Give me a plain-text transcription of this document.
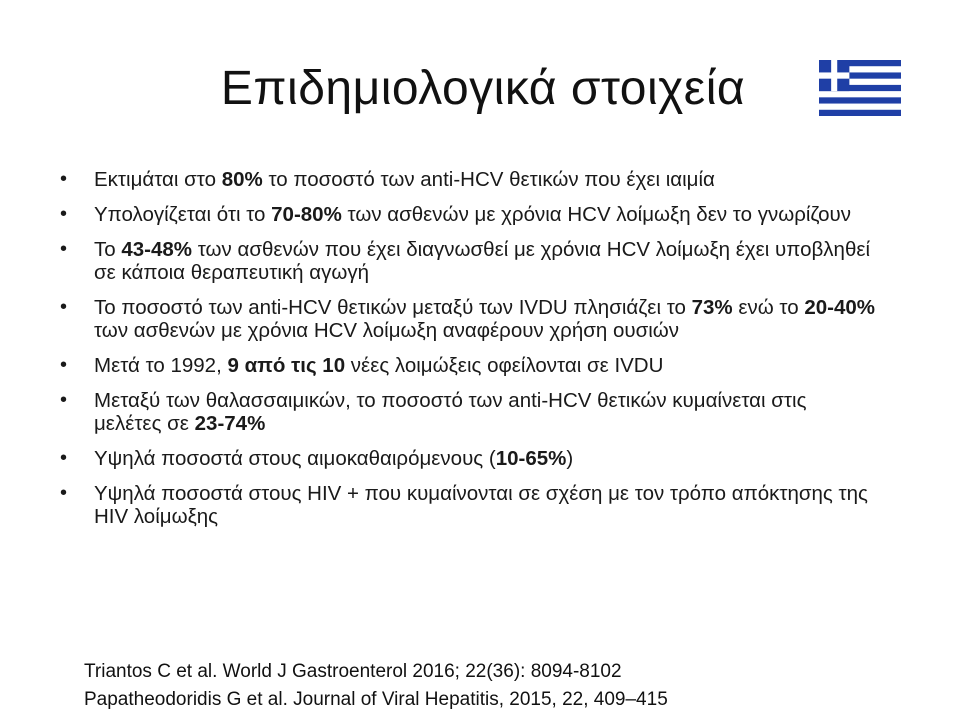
Επιδημιολογικά στοιχεία
• Εκτιμάται στο 80% το ποσοστό των anti-HCV θετικών που έχει ιαιμία
• Υπολογίζεται ότι το 70-80% των ασθενών με χρόνια HCV λοίμωξη δεν το γνωρίζουν
• Το 43-48% των ασθενών που έχει διαγνωσθεί με χρόνια HCV λοίμωξη έχει υποβληθεί σε κάποια θεραπευτική αγωγή
• Το ποσοστό των anti-HCV θετικών μεταξύ των IVDU πλησιάζει το 73% ενώ το 20-40% των ασθενών με χρόνια HCV λοίμωξη αναφέρουν χρήση ουσιών
• Μετά το 1992, 9 από τις 10 νέες λοιμώξεις οφείλονται σε IVDU
• Μεταξύ των θαλασσαιμικών, το ποσοστό των anti-HCV θετικών κυμαίνεται στις μελέτες σε 23-74%
• Υψηλά ποσοστά στους αιμοκαθαιρόμενους (10-65%)
• Υψηλά ποσοστά στους HIV + που κυμαίνονται σε σχέση με τον τρόπο απόκτησης της HIV λοίμωξης
Triantos C et al. World J Gastroenterol 2016; 22(36): 8094-8102
Papatheodoridis G et al. Journal of Viral Hepatitis, 2015, 22, 409–415
